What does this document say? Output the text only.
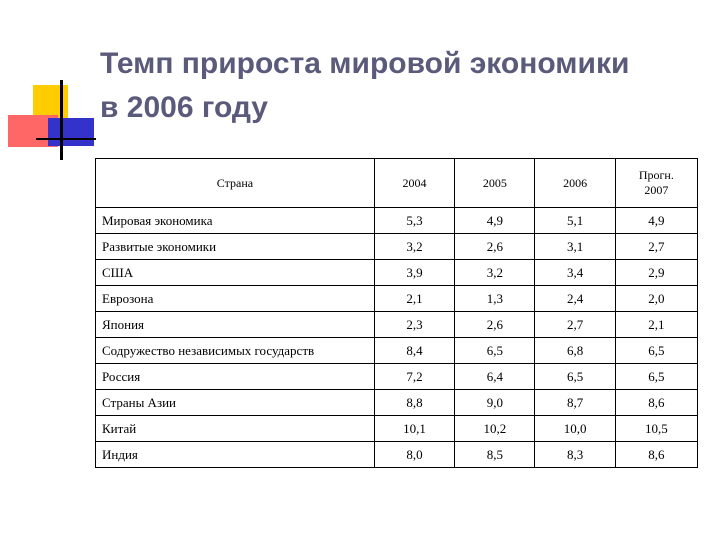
Темп прироста мировой экономики
в 2006 году
Страна	2004	2005	2006	Прогн.
2007

Мировая экономика	5,3	4,9	5,1	4,9
Развитые экономики	3,2	2,6	3,1	2,7
США	3,9	3,2	3,4	2,9
Еврозона	2,1	1,3	2,4	2,0
Япония	2,3	2,6	2,7	2,1
Содружество независимых государств	8,4	6,5	6,8	6,5
Россия	7,2	6,4	6,5	6,5
Страны Азии	8,8	9,0	8,7	8,6
Китай	10,1	10,2	10,0	10,5
Индия	8,0	8,5	8,3	8,6
